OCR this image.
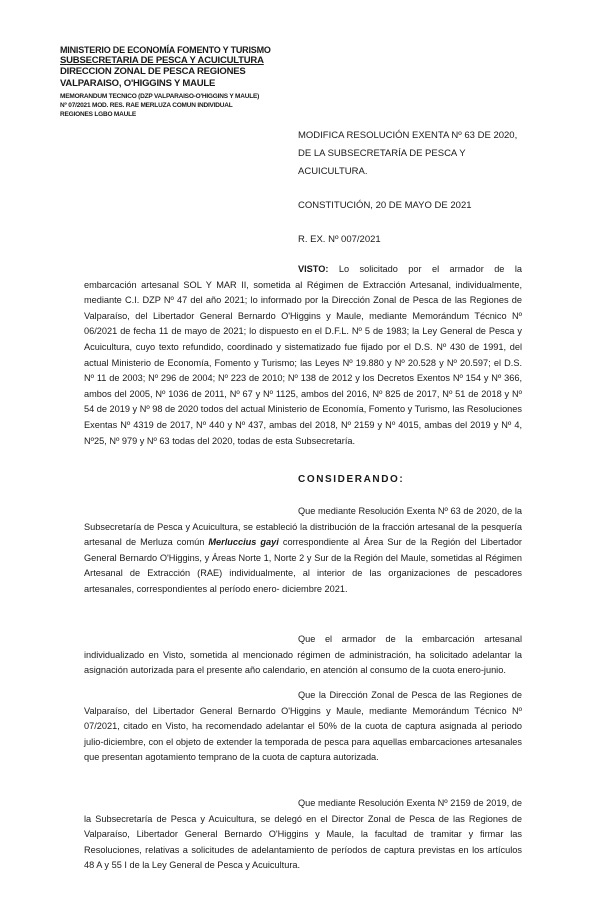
MINISTERIO DE ECONOMÍA FOMENTO Y TURISMO
SUBSECRETARIA DE PESCA Y ACUICULTURA
DIRECCION ZONAL DE PESCA REGIONES
VALPARAISO, O'HIGGINS Y MAULE
MEMORANDUM TECNICO (DZP VALPARAISO-O'HIGGINS Y MAULE)
Nº 07/2021 MOD. RES. RAE MERLUZA COMUN INDIVIDUAL
REGIONES LGBO MAULE
MODIFICA RESOLUCIÓN EXENTA Nº 63 DE 2020, DE LA SUBSECRETARÍA DE PESCA Y ACUICULTURA.
CONSTITUCIÓN, 20 DE MAYO DE 2021
R. EX. Nº 007/2021
VISTO: Lo solicitado por el armador de la embarcación artesanal SOL Y MAR II, sometida al Régimen de Extracción Artesanal, individualmente, mediante C.I. DZP Nº 47 del año 2021; lo informado por la Dirección Zonal de Pesca de las Regiones de Valparaíso, del Libertador General Bernardo O'Higgins y Maule, mediante Memorándum Técnico Nº 06/2021 de fecha 11 de mayo de 2021; lo dispuesto en el D.F.L. Nº 5 de 1983; la Ley General de Pesca y Acuicultura, cuyo texto refundido, coordinado y sistematizado fue fijado por el D.S. Nº 430 de 1991, del actual Ministerio de Economía, Fomento y Turismo; las Leyes Nº 19.880 y Nº 20.528 y Nº 20.597; el D.S. Nº 11 de 2003; Nº 296 de 2004; Nº 223 de 2010; Nº 138 de 2012 y los Decretos Exentos Nº 154 y Nº 366, ambos del 2005, Nº 1036 de 2011, Nº 67 y Nº 1125, ambos del 2016, Nº 825 de 2017, Nº 51 de 2018 y Nº 54 de 2019 y Nº 98 de 2020 todos del actual Ministerio de Economía, Fomento y Turismo, las Resoluciones Exentas Nº 4319 de 2017, Nº 440 y Nº 437, ambas del 2018, Nº 2159 y Nº 4015, ambas del 2019 y Nº 4, Nº25, Nº 979 y Nº 63 todas del 2020, todas de esta Subsecretaría.
CONSIDERANDO:
Que mediante Resolución Exenta Nº 63 de 2020, de la Subsecretaría de Pesca y Acuicultura, se estableció la distribución de la fracción artesanal de la pesquería artesanal de Merluza común Merluccius gayi correspondiente al Área Sur de la Región del Libertador General Bernardo O'Higgins, y Áreas Norte 1, Norte 2 y Sur de la Región del Maule, sometidas al Régimen Artesanal de Extracción (RAE) individualmente, al interior de las organizaciones de pescadores artesanales, correspondientes al período enero- diciembre 2021.
Que el armador de la embarcación artesanal individualizado en Visto, sometida al mencionado régimen de administración, ha solicitado adelantar la asignación autorizada para el presente año calendario, en atención al consumo de la cuota enero-junio.
Que la Dirección Zonal de Pesca de las Regiones de Valparaíso, del Libertador General Bernardo O'Higgins y Maule, mediante Memorándum Técnico Nº 07/2021, citado en Visto, ha recomendado adelantar el 50% de la cuota de captura asignada al periodo julio-diciembre, con el objeto de extender la temporada de pesca para aquellas embarcaciones artesanales que presentan agotamiento temprano de la cuota de captura autorizada.
Que mediante Resolución Exenta Nº 2159 de 2019, de la Subsecretaría de Pesca y Acuicultura, se delegó en el Director Zonal de Pesca de las Regiones de Valparaíso, Libertador General Bernardo O'Higgins y Maule, la facultad de tramitar y firmar las Resoluciones, relativas a solicitudes de adelantamiento de períodos de captura previstas en los artículos 48 A y 55 I de la Ley General de Pesca y Acuicultura.
